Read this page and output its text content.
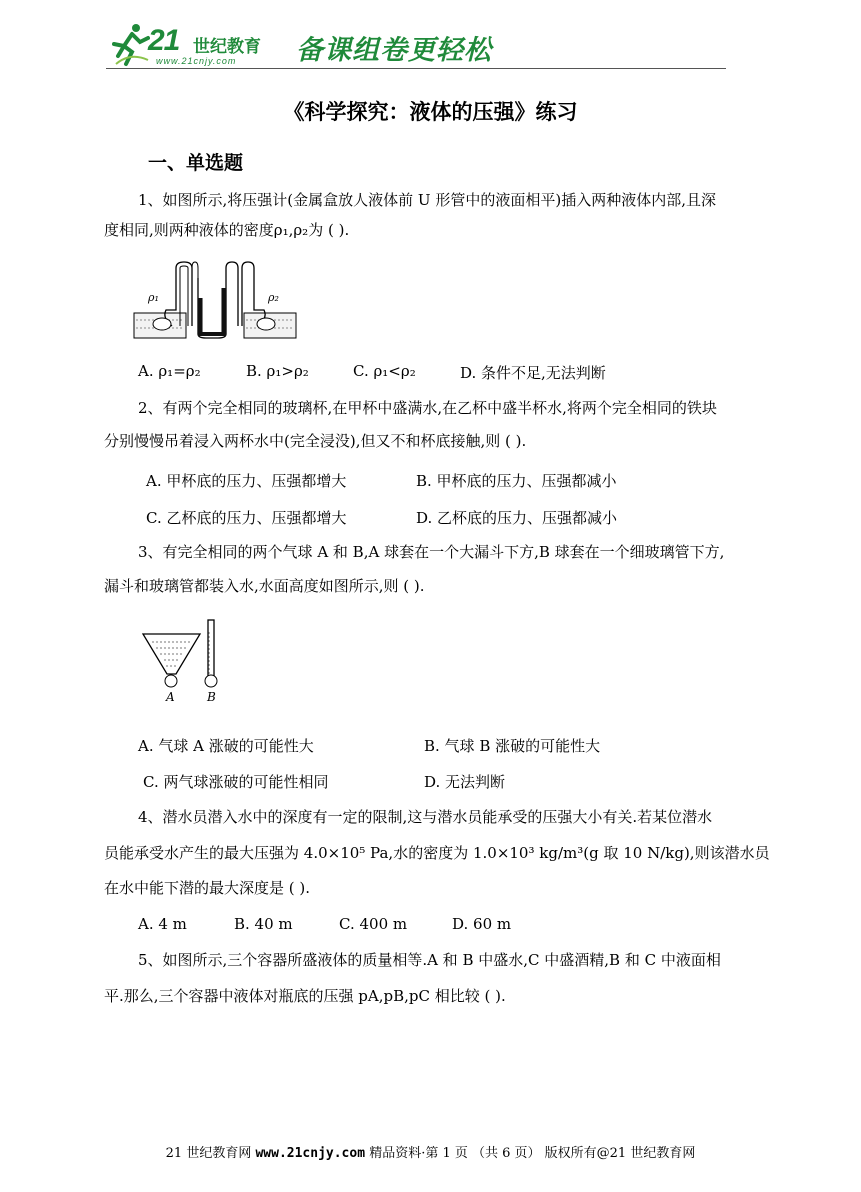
21 世纪教育
www.21cnjy.com 备课组卷更轻松
《科学探究：液体的压强》练习
一、单选题
1、如图所示,将压强计(金属盒放人液体前 U 形管中的液面相平)插入两种液体内部,且深
度相同,则两种液体的密度ρ₁,ρ₂为 ( ).
ρ₁	ρ₂
A. ρ₁=ρ₂	B. ρ₁>ρ₂	C. ρ₁<ρ₂	D. 条件不足,无法判断
2、有两个完全相同的玻璃杯,在甲杯中盛满水,在乙杯中盛半杯水,将两个完全相同的铁块
分别慢慢吊着浸入两杯水中(完全浸没),但又不和杯底接触,则 ( ).
A. 甲杯底的压力、压强都增大	B. 甲杯底的压力、压强都减小
C. 乙杯底的压力、压强都增大	D. 乙杯底的压力、压强都减小
3、有完全相同的两个气球 A 和 B,A 球套在一个大漏斗下方,B 球套在一个细玻璃管下方,
漏斗和玻璃管都装入水,水面高度如图所示,则 ( ).
A	B
A. 气球 A 涨破的可能性大	B. 气球 B 涨破的可能性大
C. 两气球涨破的可能性相同	D. 无法判断
4、潜水员潜入水中的深度有一定的限制,这与潜水员能承受的压强大小有关.若某位潜水
员能承受水产生的最大压强为 4.0×10⁵ Pa,水的密度为 1.0×10³ kg/m³(g 取 10 N/kg),则该潜水员
在水中能下潜的最大深度是 ( ).
A. 4 m	B. 40 m	C. 400 m	D. 60 m
5、如图所示,三个容器所盛液体的质量相等.A 和 B 中盛水,C 中盛酒精,B 和 C 中液面相
平.那么,三个容器中液体对瓶底的压强 pA,pB,pC 相比较 ( ).
21 世纪教育网 www.21cnjy.com 精品资料·第 1 页 （共 6 页） 版权所有@21 世纪教育网
